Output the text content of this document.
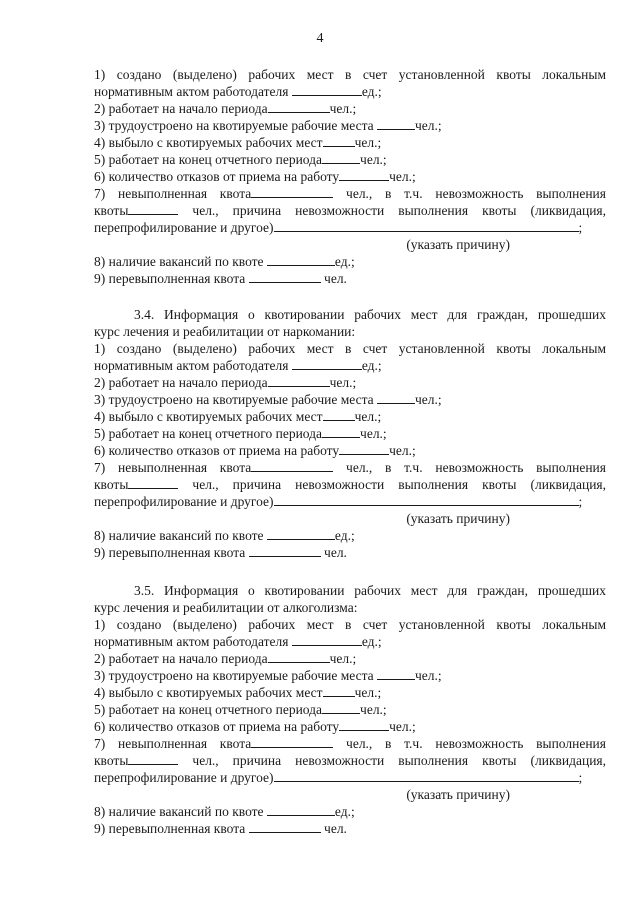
4
1) создано (выделено) рабочих мест в счет установленной квоты локальным
нормативным актом работодателя	ед.;
2) работает на начало периода	чел.;
3) трудоустроено на квотируемые рабочие места	чел.;
4) выбыло с квотируемых рабочих мест чел.;
5) работает на конец отчетного периода	чел.;
6) количество отказов от приема на работу	чел.;
7) невыполненная квота	чел., в т.ч. невозможность выполнения
квоты	чел., причина невозможности выполнения квоты (ликвидация,
перепрофилирование и другое)	;
(указать причину)
8) наличие вакансий по квоте	ед.;
9) перевыполненная квота	чел.
3.4. Информация о квотировании рабочих мест для граждан, прошедших
курс лечения и реабилитации от наркомании:
1) создано (выделено) рабочих мест в счет установленной квоты локальным
нормативным актом работодателя	ед.;
2) работает на начало периода	чел.;
3) трудоустроено на квотируемые рабочие места	чел.;
4) выбыло с квотируемых рабочих мест чел.;
5) работает на конец отчетного периода	чел.;
6) количество отказов от приема на работу	чел.;
7) невыполненная квота	чел., в т.ч. невозможность выполнения
квоты	чел., причина невозможности выполнения квоты (ликвидация,
перепрофилирование и другое)	;
(указать причину)
8) наличие вакансий по квоте	ед.;
9) перевыполненная квота	чел.
3.5. Информация о квотировании рабочих мест для граждан, прошедших
курс лечения и реабилитации от алкоголизма:
1) создано (выделено) рабочих мест в счет установленной квоты локальным
нормативным актом работодателя	ед.;
2) работает на начало периода	чел.;
3) трудоустроено на квотируемые рабочие места	чел.;
4) выбыло с квотируемых рабочих мест чел.;
5) работает на конец отчетного периода	чел.;
6) количество отказов от приема на работу	чел.;
7) невыполненная квота	чел., в т.ч. невозможность выполнения
квоты	чел., причина невозможности выполнения квоты (ликвидация,
перепрофилирование и другое)	;
(указать причину)
8) наличие вакансий по квоте	ед.;
9) перевыполненная квота	чел.
